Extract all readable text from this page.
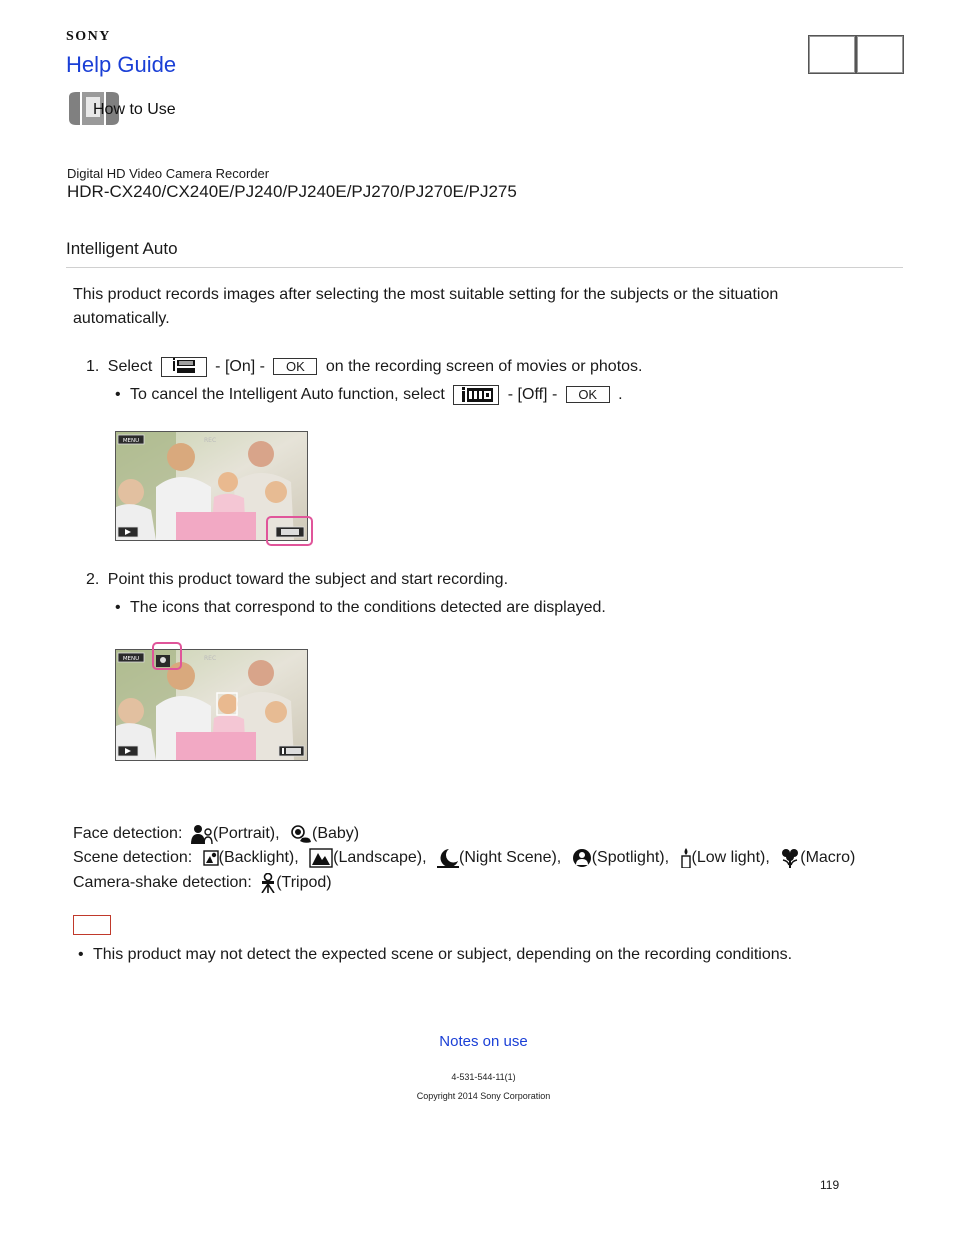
SONY
Help Guide
How to Use
Digital HD Video Camera Recorder
HDR-CX240/CX240E/PJ240/PJ240E/PJ270/PJ270E/PJ275
Intelligent Auto
This product records images after selecting the most suitable setting for the subjects or the situation automatically.
1. Select	- [On] - OK on the recording screen of movies or photos.
• To cancel the Intelligent Auto function, select	- [Off] - OK .
MENU	REC
2. Point this product toward the subject and start recording.
• The icons that correspond to the conditions detected are displayed.
MENU	REC
Face detection: (Portrait), (Baby)
Scene detection: (Backlight), (Landscape), (Night Scene), (Spotlight), (Low light), (Macro)
Camera-shake detection: (Tripod)
• This product may not detect the expected scene or subject, depending on the recording conditions.
Notes on use
4-531-544-11(1)
Copyright 2014 Sony Corporation
119
